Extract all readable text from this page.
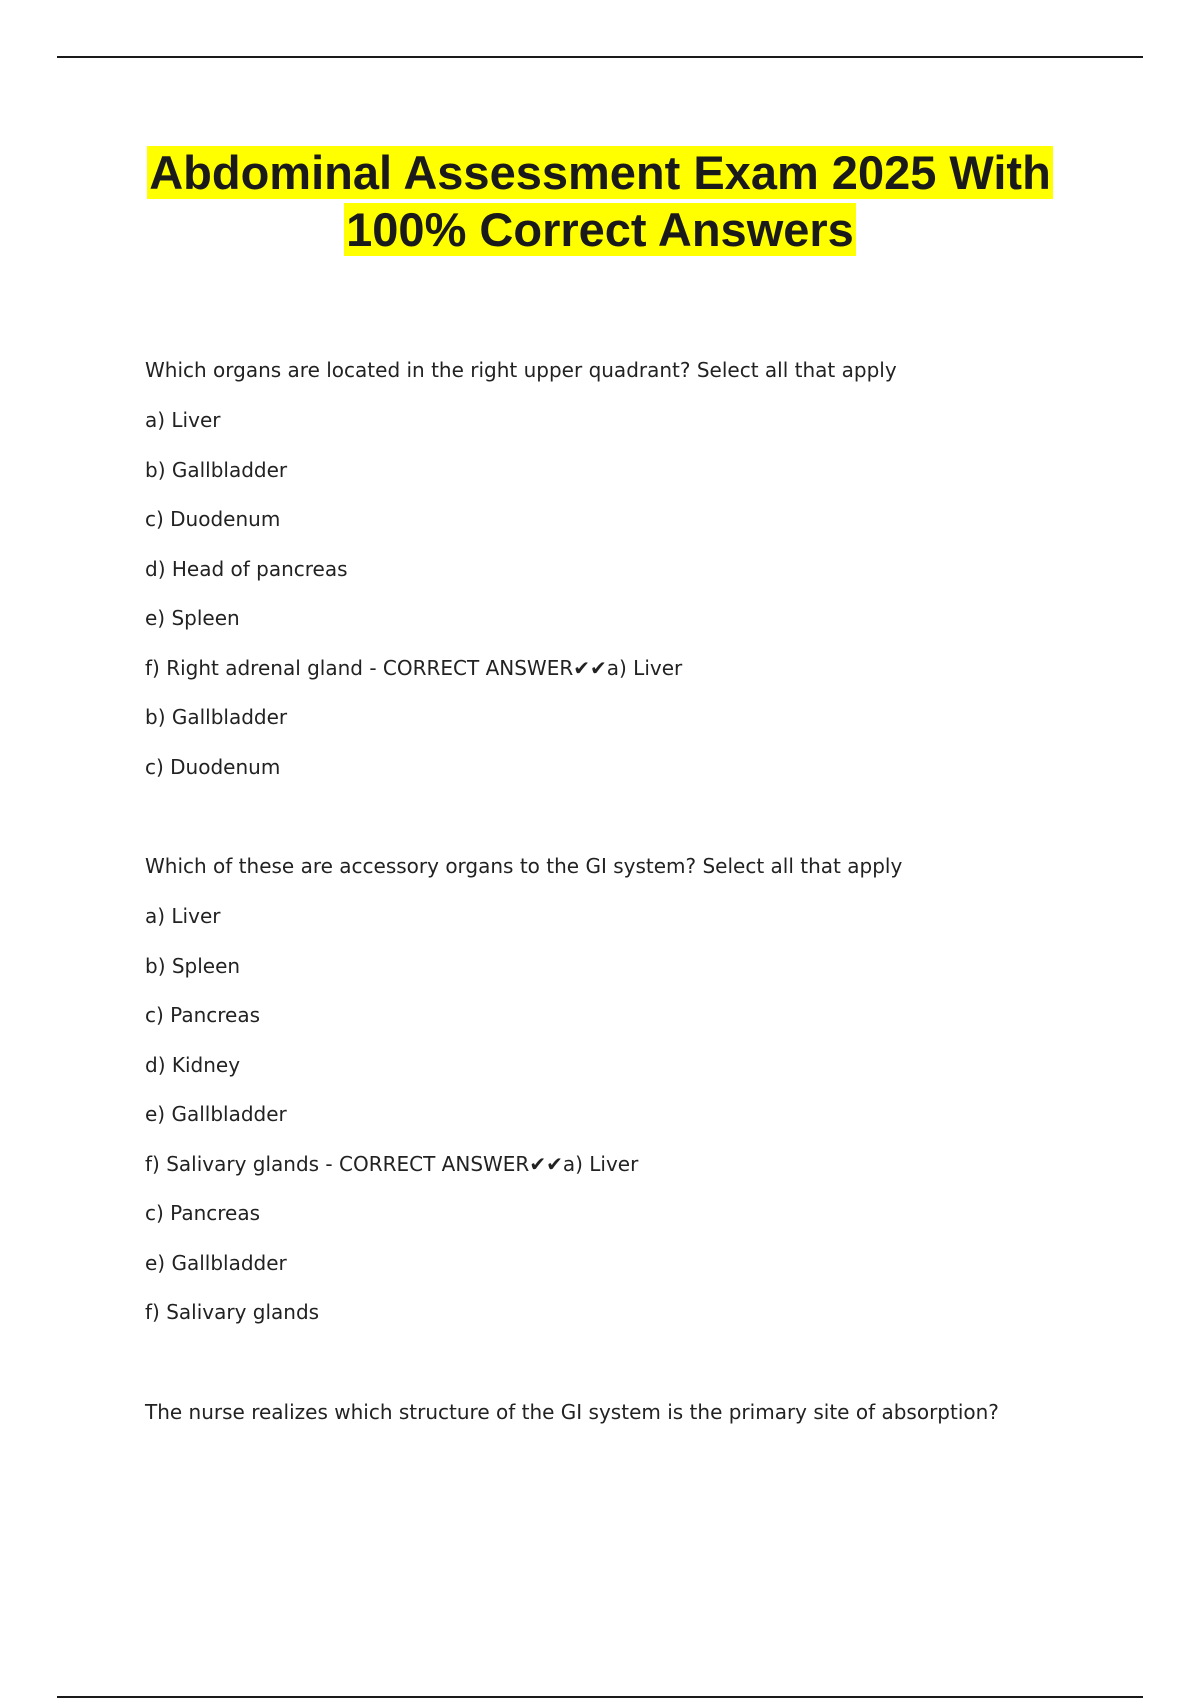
Abdominal Assessment Exam 2025 With
100% Correct Answers
Which organs are located in the right upper quadrant? Select all that apply
a) Liver
b) Gallbladder
c) Duodenum
d) Head of pancreas
e) Spleen
f) Right adrenal gland - CORRECT ANSWER✔✔a) Liver
b) Gallbladder
c) Duodenum
Which of these are accessory organs to the GI system? Select all that apply
a) Liver
b) Spleen
c) Pancreas
d) Kidney
e) Gallbladder
f) Salivary glands - CORRECT ANSWER✔✔a) Liver
c) Pancreas
e) Gallbladder
f) Salivary glands
The nurse realizes which structure of the GI system is the primary site of absorption?
